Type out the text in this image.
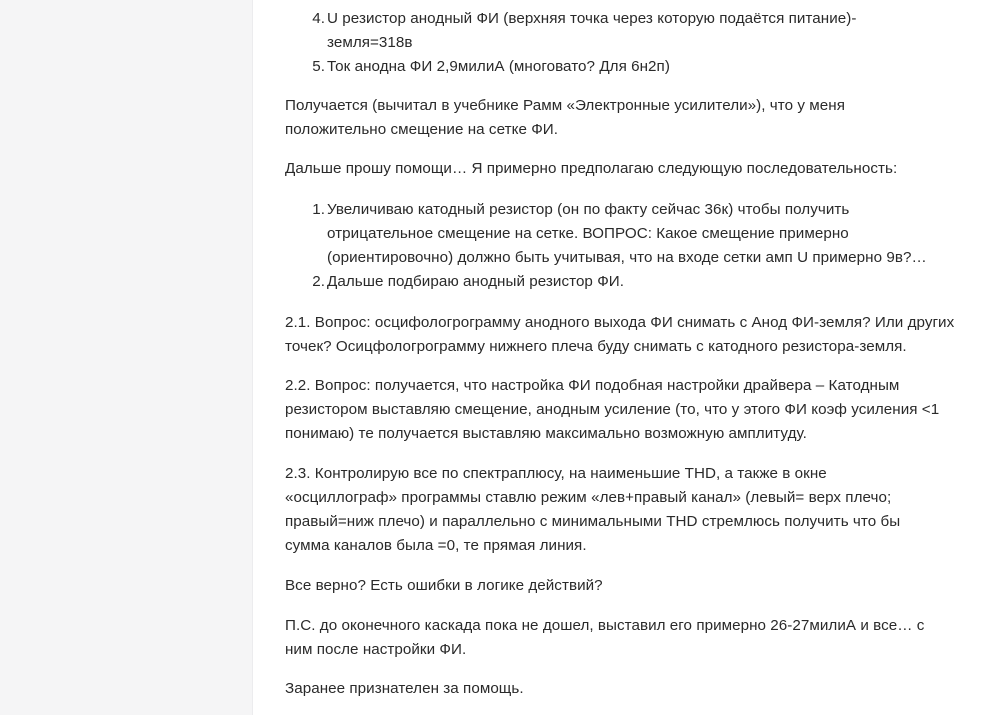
4. U резистор анодный ФИ (верхняя точка через которую подаётся питание)-
земля=318в
5. Ток анодна ФИ 2,9милиА (многовато? Для 6н2п)
Получается (вычитал в учебнике Рамм «Электронные усилители»), что у меня
положительно смещение на сетке ФИ.
Дальше прошу помощи… Я примерно предполагаю следующую последовательность:
1. Увеличиваю катодный резистор (он по факту сейчас 36к) чтобы получить
отрицательное смещение на сетке. ВОПРОС: Какое смещение примерно
(ориентировочно) должно быть учитывая, что на входе сетки амп U примерно 9в?…
2. Дальше подбираю анодный резистор ФИ.
2.1. Вопрос: осцифологрограмму анодного выхода ФИ снимать с Анод ФИ-земля? Или других
точек? Осицфологрограмму нижнего плеча буду снимать с катодного резистора-земля.
2.2. Вопрос: получается, что настройка ФИ подобная настройки драйвера – Катодным
резистором выставляю смещение, анодным усиление (то, что у этого ФИ коэф усиления <1
понимаю) те получается выставляю максимально возможную амплитуду.
2.3. Контролирую все по спектраплюсу, на наименьшие THD, а также в окне
«осциллограф» программы ставлю режим «лев+правый канал» (левый= верх плечо;
правый=ниж плечо) и параллельно с минимальными THD стремлюсь получить что бы
сумма каналов была =0, те прямая линия.
Все верно? Есть ошибки в логике действий?
П.С. до оконечного каскада пока не дошел, выставил его примерно 26-27милиА и все… с
ним после настройки ФИ.
Заранее признателен за помощь.
